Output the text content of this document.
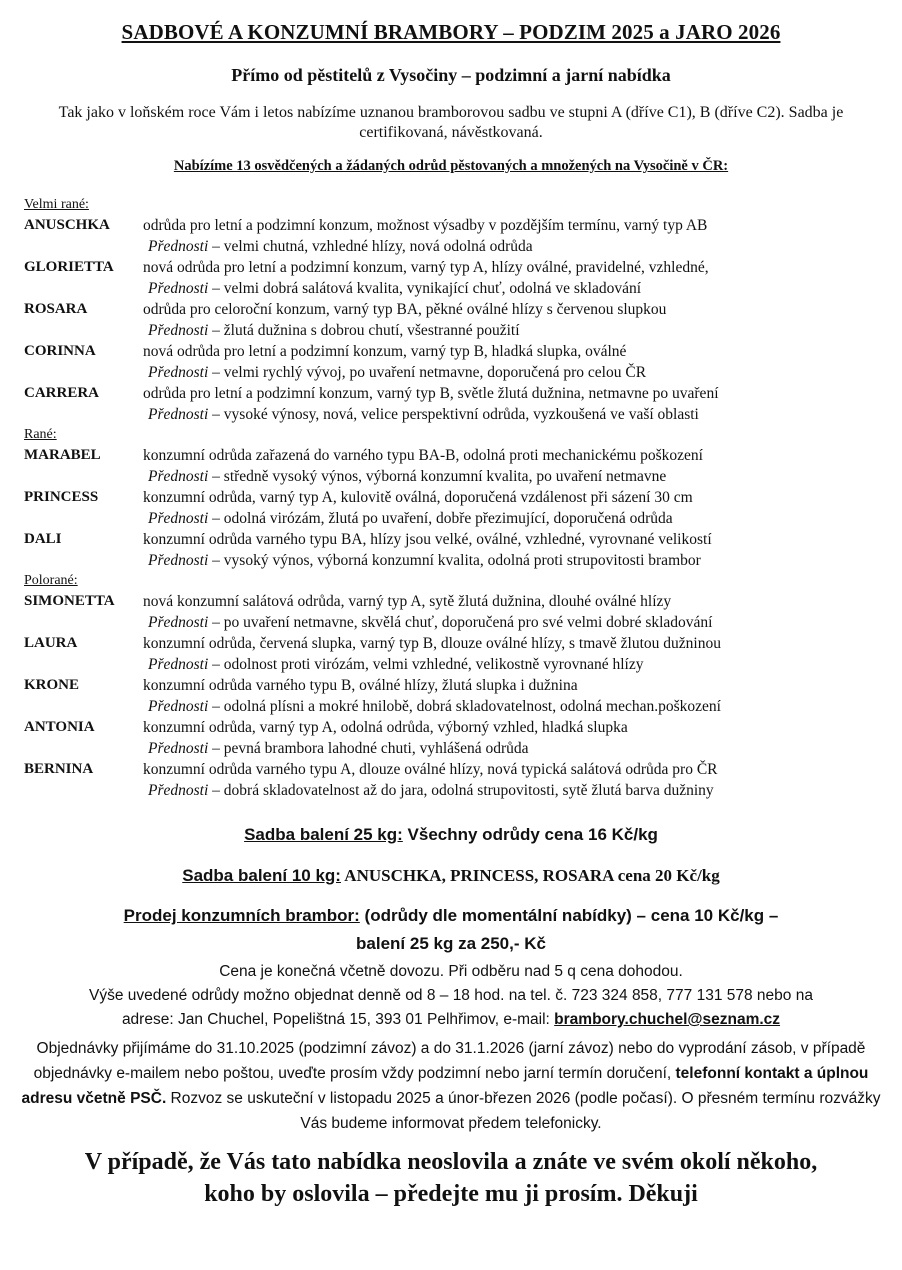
SADBOVÉ A KONZUMNÍ BRAMBORY – PODZIM 2025 a JARO 2026
Přímo od pěstitelů z Vysočiny – podzimní a jarní nabídka
Tak jako v loňském roce Vám i letos nabízíme uznanou bramborovou sadbu ve stupni A (dříve C1), B (dříve C2). Sadba je certifikovaná, návěstkovaná.
Nabízíme 13 osvědčených a žádaných odrůd pěstovaných a množených na Vysočině v ČR:
Velmi rané:
ANUSCHKA odrůda pro letní a podzimní konzum, možnost výsadby v pozdějším termínu, varný typ AB
Přednosti – velmi chutná, vzhledné hlízy, nová odolná odrůda
GLORIETTA nová odrůda pro letní a podzimní konzum, varný typ A, hlízy oválné, pravidelné, vzhledné,
Přednosti – velmi dobrá salátová kvalita, vynikající chuť, odolná ve skladování
ROSARA	odrůda pro celoroční konzum, varný typ BA, pěkné oválné hlízy s červenou slupkou
Přednosti – žlutá dužnina s dobrou chutí, všestranné použití
CORINNA	nová odrůda pro letní a podzimní konzum, varný typ B, hladká slupka, oválné
Přednosti – velmi rychlý vývoj, po uvaření netmavne, doporučená pro celou ČR
CARRERA	odrůda pro letní a podzimní konzum, varný typ B, světle žlutá dužnina, netmavne po uvaření
Přednosti – vysoké výnosy, nová, velice perspektivní odrůda, vyzkoušená ve vaší oblasti
Rané:
MARABEL	konzumní odrůda zařazená do varného typu BA-B, odolná proti mechanickému poškození
Přednosti – středně vysoký výnos, výborná konzumní kvalita, po uvaření netmavne
PRINCESS	konzumní odrůda, varný typ A, kulovitě oválná, doporučená vzdálenost při sázení 30 cm
Přednosti – odolná virózám, žlutá po uvaření, dobře přezimující, doporučená odrůda
DALI	konzumní odrůda varného typu BA, hlízy jsou velké, oválné, vzhledné, vyrovnané velikostí
Přednosti – vysoký výnos, výborná konzumní kvalita, odolná proti strupovitosti brambor
Polorané:
SIMONETTA nová konzumní salátová odrůda, varný typ A, sytě žlutá dužnina, dlouhé oválné hlízy
Přednosti – po uvaření netmavne, skvělá chuť, doporučená pro své velmi dobré skladování
LAURA	konzumní odrůda, červená slupka, varný typ B, dlouze oválné hlízy, s tmavě žlutou dužninou
Přednosti – odolnost proti virózám, velmi vzhledné, velikostně vyrovnané hlízy
KRONE	konzumní odrůda varného typu B, oválné hlízy, žlutá slupka i dužnina
Přednosti – odolná plísni a mokré hnilobě, dobrá skladovatelnost, odolná mechan.poškození
ANTONIA	konzumní odrůda, varný typ A, odolná odrůda, výborný vzhled, hladká slupka
Přednosti – pevná brambora lahodné chuti, vyhlášená odrůda
BERNINA	konzumní odrůda varného typu A, dlouze oválné hlízy, nová typická salátová odrůda pro ČR
Přednosti – dobrá skladovatelnost až do jara, odolná strupovitosti, sytě žlutá barva dužniny
Sadba balení 25 kg: Všechny odrůdy cena 16 Kč/kg
Sadba balení 10 kg: ANUSCHKA, PRINCESS, ROSARA cena 20 Kč/kg
Prodej konzumních brambor: (odrůdy dle momentální nabídky) – cena 10 Kč/kg –
balení 25 kg za 250,- Kč
Cena je konečná včetně dovozu. Při odběru nad 5 q cena dohodou.
Výše uvedené odrůdy možno objednat denně od 8 – 18 hod. na tel. č. 723 324 858, 777 131 578 nebo na
adrese: Jan Chuchel, Popelištná 15, 393 01 Pelhřimov, e-mail: brambory.chuchel@seznam.cz
Objednávky přijímáme do 31.10.2025 (podzimní závoz) a do 31.1.2026 (jarní závoz) nebo do vyprodání zásob, v případě objednávky e-mailem nebo poštou, uveďte prosím vždy podzimní nebo jarní termín doručení, telefonní kontakt a úplnou adresu včetně PSČ. Rozvoz se uskuteční v listopadu 2025 a únor-březen 2026 (podle počasí). O přesném termínu rozvážky Vás budeme informovat předem telefonicky.
V případě, že Vás tato nabídka neoslovila a znáte ve svém okolí někoho,
koho by oslovila – předejte mu ji prosím. Děkuji
